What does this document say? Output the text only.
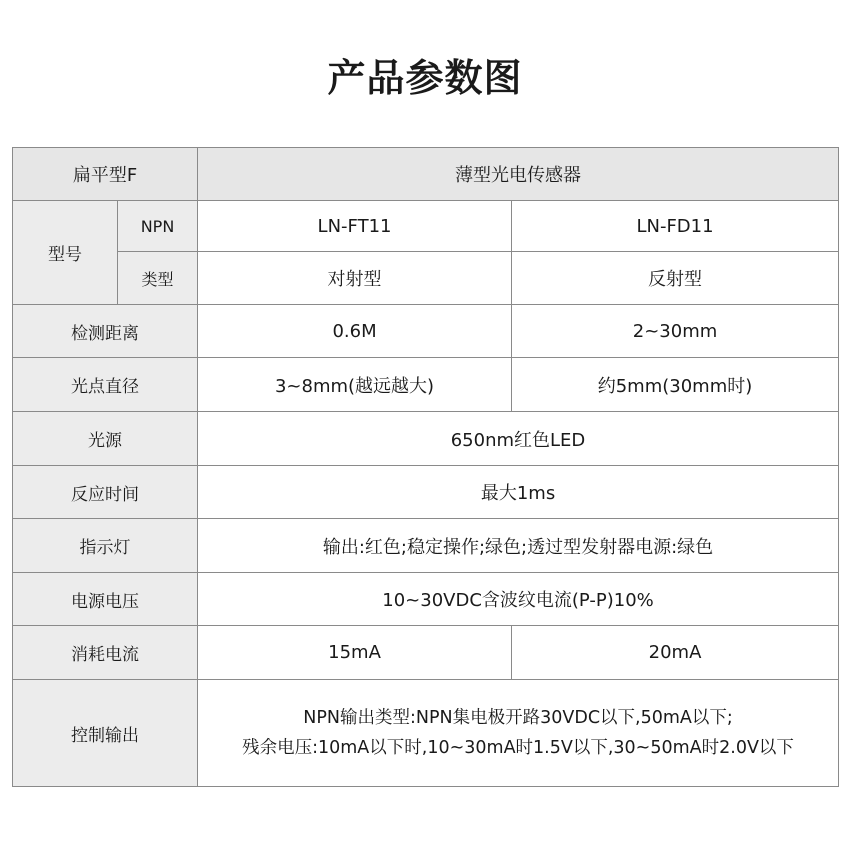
产品参数图
扁平型F		薄型光电传感器	
型号	NPN	LN-FT11	LN-FD11
	类型	对射型	反射型
检测距离		0.6M	2~30mm
光点直径		3~8mm(越远越大)	约5mm(30mm时)
光源		650nm红色LED	
反应时间		最大1ms	
指示灯		输出:红色;稳定操作;绿色;透过型发射器电源:绿色	
电源电压		10~30VDC含波纹电流(P-P)10%	
消耗电流		15mA	20mA
控制输出		NPN输出类型:NPN集电极开路30VDC以下,50mA以下;
残余电压:10mA以下时,10~30mA时1.5V以下,30~50mA时2.0V以下	
